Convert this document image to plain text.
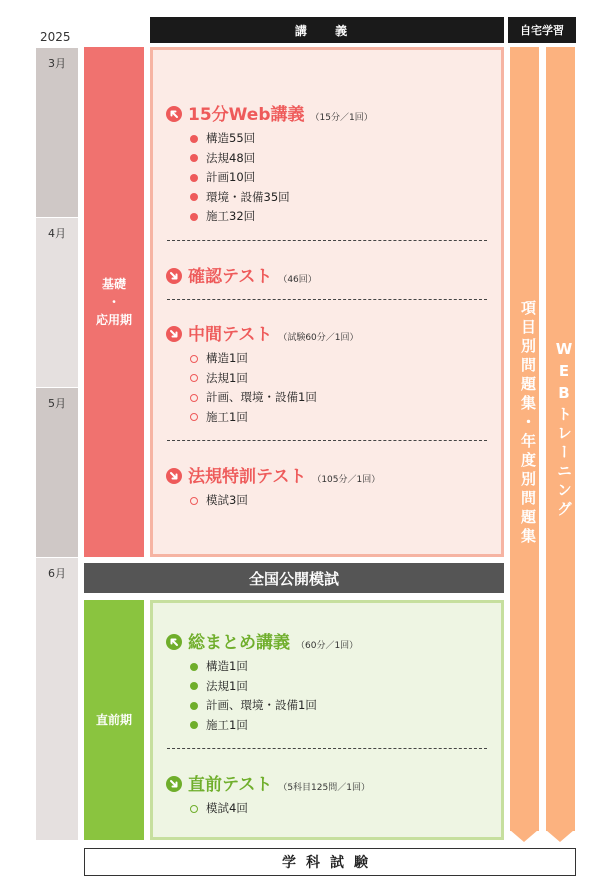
2025	講 義	自宅学習
3月
4月
5月
6月
基礎
・
応用期
直前期
15分Web講義 （15分／1回）
構造55回
法規48回
計画10回
環境・設備35回
施工32回
確認テスト （46回）
中間テスト （試験60分／1回）
構造1回
法規1回
計画、環境・設備1回
施工1回
法規特訓テスト （105分／1回）
模試3回
全国公開模試
総まとめ講義 （60分／1回）
構造1回
法規1回
計画、環境・設備1回
施工1回
直前テスト （5科目125問／1回）
模試4回
項目別問題集・年度別問題集	WEBトレーニング
学科試験
